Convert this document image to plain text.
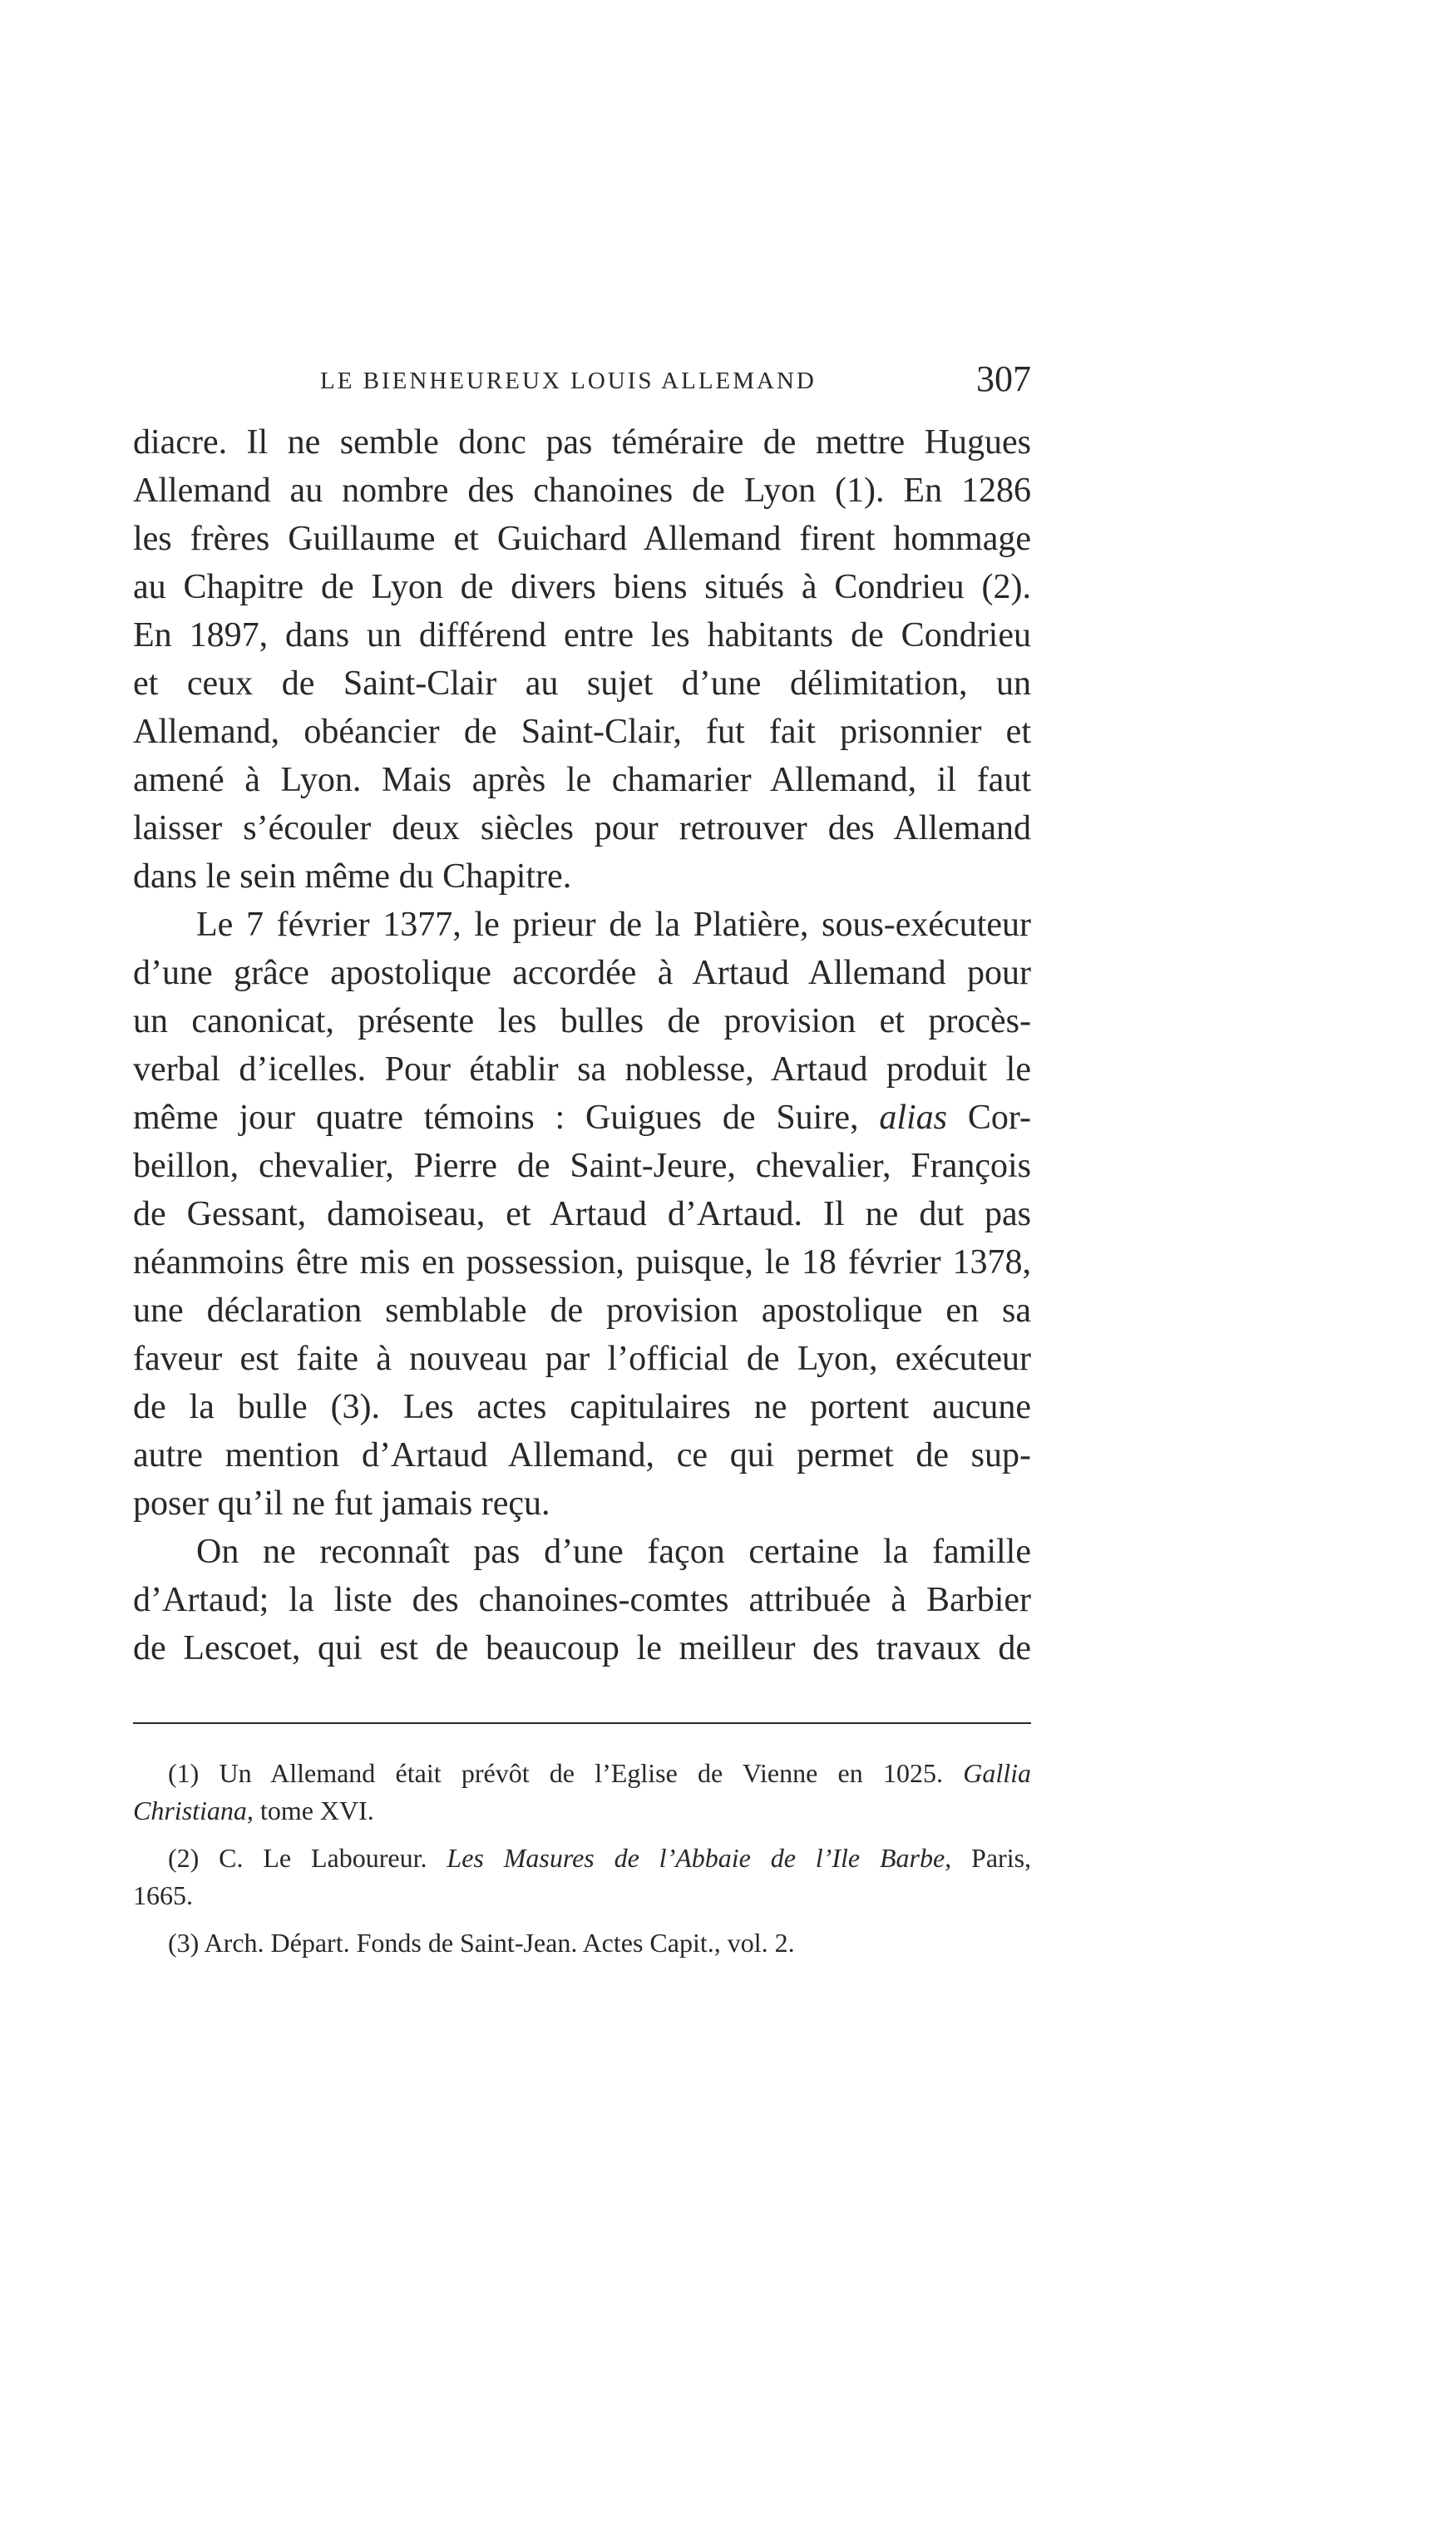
LE BIENHEUREUX LOUIS ALLEMAND	307
diacre. Il ne semble donc pas téméraire de mettre Hugues
Allemand au nombre des chanoines de Lyon (1). En 1286
les frères Guillaume et Guichard Allemand firent hommage
au Chapitre de Lyon de divers biens situés à Condrieu (2).
En 1897, dans un différend entre les habitants de Condrieu
et ceux de Saint-Clair au sujet d’une délimitation, un
Allemand, obéancier de Saint-Clair, fut fait prisonnier et
amené à Lyon. Mais après le chamarier Allemand, il faut
laisser s’écouler deux siècles pour retrouver des Allemand
dans le sein même du Chapitre.
Le 7 février 1377, le prieur de la Platière, sous-exécuteur
d’une grâce apostolique accordée à Artaud Allemand pour
un canonicat, présente les bulles de provision et procès-
verbal d’icelles. Pour établir sa noblesse, Artaud produit le
même jour quatre témoins : Guigues de Suire, alias Cor-
beillon, chevalier, Pierre de Saint-Jeure, chevalier, François
de Gessant, damoiseau, et Artaud d’Artaud. Il ne dut pas
néanmoins être mis en possession, puisque, le 18 février 1378,
une déclaration semblable de provision apostolique en sa
faveur est faite à nouveau par l’official de Lyon, exécuteur
de la bulle (3). Les actes capitulaires ne portent aucune
autre mention d’Artaud Allemand, ce qui permet de sup-
poser qu’il ne fut jamais reçu.
On ne reconnaît pas d’une façon certaine la famille
d’Artaud; la liste des chanoines-comtes attribuée à Barbier
de Lescoet, qui est de beaucoup le meilleur des travaux de
(1) Un Allemand était prévôt de l’Eglise de Vienne en 1025. Gallia
Christiana, tome XVI.
(2) C. Le Laboureur. Les Masures de l’Abbaie de l’Ile Barbe, Paris,
1665.
(3) Arch. Départ. Fonds de Saint-Jean. Actes Capit., vol. 2.
